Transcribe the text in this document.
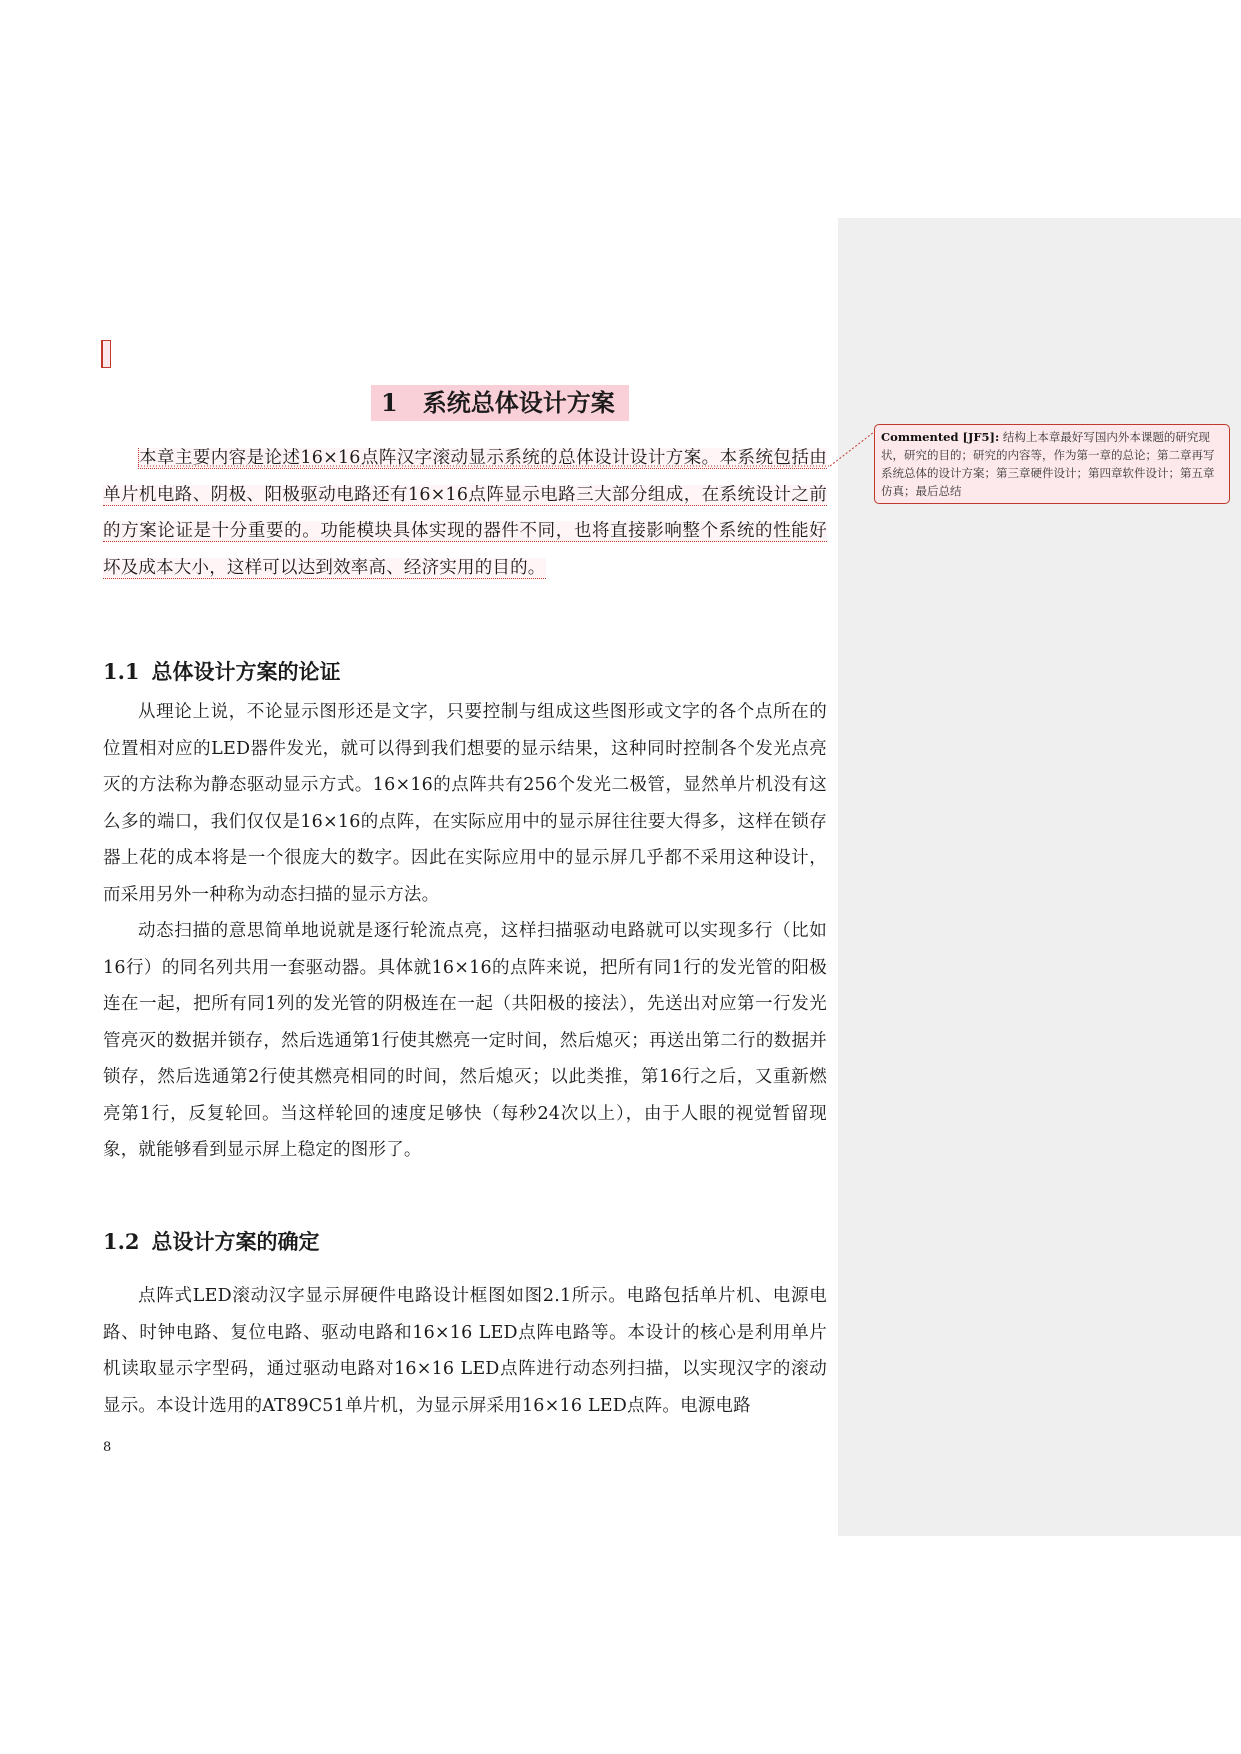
1 系统总体设计方案

本章主要内容是论述16×16点阵汉字滚动显示系统的总体设计设计方案。本系统包括由单片机电路、阴极、阳极驱动电路还有16×16点阵显示电路三大部分组成，在系统设计之前的方案论证是十分重要的。功能模块具体实现的器件不同，也将直接影响整个系统的性能好坏及成本大小，这样可以达到效率高、经济实用的目的。

1.1 总体设计方案的论证

从理论上说，不论显示图形还是文字，只要控制与组成这些图形或文字的各个点所在的位置相对应的LED器件发光，就可以得到我们想要的显示结果，这种同时控制各个发光点亮灭的方法称为静态驱动显示方式。16×16的点阵共有256个发光二极管，显然单片机没有这么多的端口，我们仅仅是16×16的点阵，在实际应用中的显示屏往往要大得多，这样在锁存器上花的成本将是一个很庞大的数字。因此在实际应用中的显示屏几乎都不采用这种设计，而采用另外一种称为动态扫描的显示方法。

动态扫描的意思简单地说就是逐行轮流点亮，这样扫描驱动电路就可以实现多行（比如16行）的同名列共用一套驱动器。具体就16×16的点阵来说，把所有同1行的发光管的阳极连在一起，把所有同1列的发光管的阴极连在一起（共阳极的接法），先送出对应第一行发光管亮灭的数据并锁存，然后选通第1行使其燃亮一定时间，然后熄灭；再送出第二行的数据并锁存，然后选通第2行使其燃亮相同的时间，然后熄灭；以此类推，第16行之后，又重新燃亮第1行，反复轮回。当这样轮回的速度足够快（每秒24次以上），由于人眼的视觉暂留现象，就能够看到显示屏上稳定的图形了。

1.2 总设计方案的确定

点阵式LED滚动汉字显示屏硬件电路设计框图如图2.1所示。电路包括单片机、电源电路、时钟电路、复位电路、驱动电路和16×16 LED点阵电路等。本设计的核心是利用单片机读取显示字型码，通过驱动电路对16×16 LED点阵进行动态列扫描，以实现汉字的滚动显示。本设计选用的AT89C51单片机，为显示屏采用16×16 LED点阵。电源电路

8
Commented [JF5]: 结构上本章最好写国内外本课题的研究现状，研究的目的；研究的内容等，作为第一章的总论；第二章再写系统总体的设计方案；第三章硬件设计；第四章软件设计；第五章仿真；最后总结
